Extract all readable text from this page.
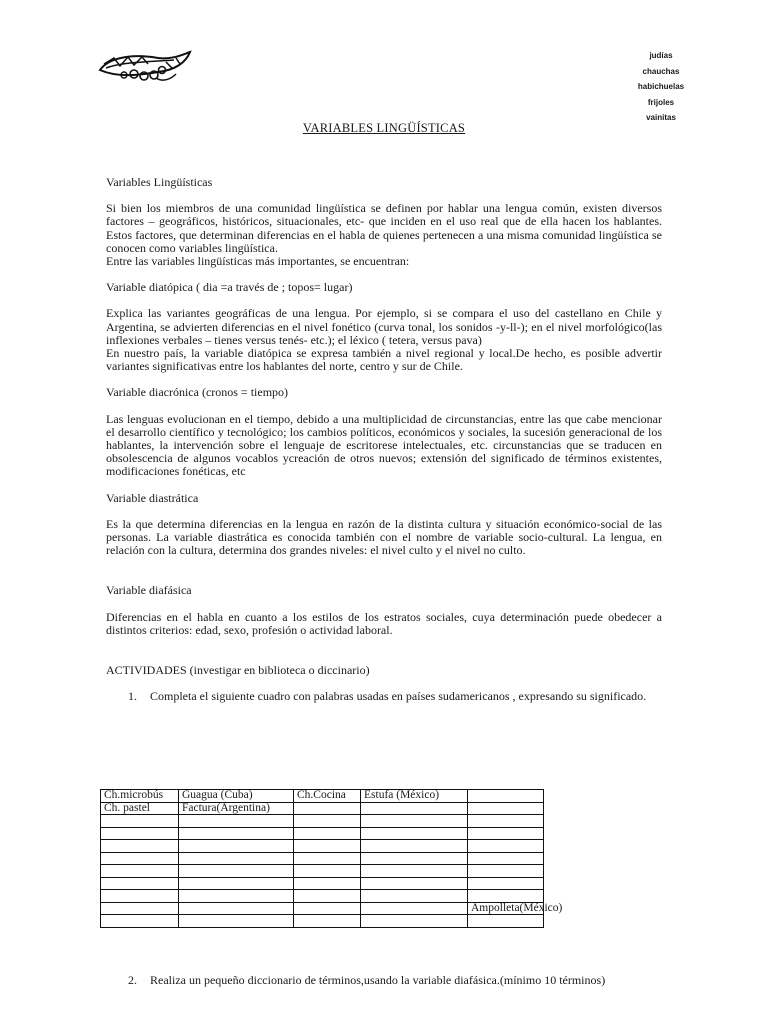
judías
chauchas
habichuelas
frijoles
vainitas
VARIABLES LINGÜÍSTICAS

Variables Lingüísticas

Si bien los miembros de una comunidad lingüística se definen por hablar una lengua común, existen diversos factores – geográficos, históricos, situacionales, etc- que inciden en el uso real que de ella hacen los hablantes. Estos factores, que determinan diferencias en el habla de quienes pertenecen a una misma comunidad lingüística se conocen como variables lingüística.

Entre las variables lingüísticas más importantes, se encuentran:

Variable diatópica ( dia =a través de ; topos= lugar)

Explica las variantes geográficas de una lengua. Por ejemplo, si se compara el uso del castellano en Chile y Argentina, se advierten diferencias en el nivel fonético (curva tonal, los sonidos -y-ll-); en el nivel morfológico(las inflexiones verbales – tienes versus tenés- etc.); el léxico ( tetera, versus pava)

En nuestro país, la variable diatópica se expresa también a nivel regional y local.De hecho, es posible advertir variantes significativas entre los hablantes del norte, centro y sur de Chile.

Variable diacrónica (cronos = tiempo)

Las lenguas evolucionan en el tiempo, debido a una multiplicidad de circunstancias, entre las que cabe mencionar el desarrollo científico y tecnológico; los cambios políticos, económicos y sociales, la sucesión generacional de los hablantes, la intervención sobre el lenguaje de escritorese intelectuales, etc. circunstancias que se traducen en obsolescencia de algunos vocablos ycreación de otros nuevos; extensión del significado de términos existentes, modificaciones fonéticas, etc

Variable diastrática

Es la que determina diferencias en la lengua en razón de la distinta cultura y situación económico-social de las personas. La variable diastrática es conocida también con el nombre de variable socio-cultural. La lengua, en relación con la cultura, determina dos grandes niveles: el nivel culto y el nivel no culto.

Variable diafásica

Diferencias en el habla en cuanto a los estilos de los estratos sociales, cuya determinación puede obedecer a distintos criterios: edad, sexo, profesión o actividad laboral.

ACTIVIDADES (investigar en biblioteca o diccinario)

1.	Completa el siguiente cuadro con palabras usadas en países sudamericanos , expresando su significado.
Ch.microbús	Guagua (Cuba)	Ch.Cocina	Estufa (México)		
Ch. pastel	Factura(Argentina)				

					Ampolleta(México)

2.	Realiza un pequeño diccionario de términos,usando la variable diafásica.(mínimo 10 términos)
